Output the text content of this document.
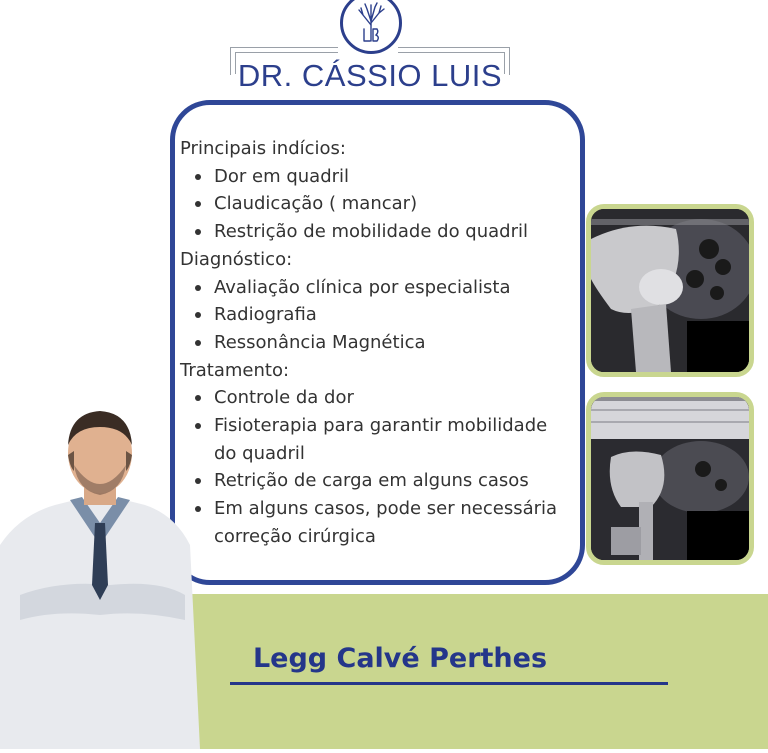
DR. CÁSSIO LUIS

Principais indícios:

Dor em quadril
Claudicação ( mancar)
Restrição de mobilidade do quadril

Diagnóstico:

Avaliação clínica por especialista
Radiografia
Ressonância Magnética

Tratamento:

Controle da dor
Fisioterapia para garantir mobilidade do quadril
Retrição de carga em alguns casos
Em alguns casos, pode ser necessária correção cirúrgica
Legg Calvé Perthes
